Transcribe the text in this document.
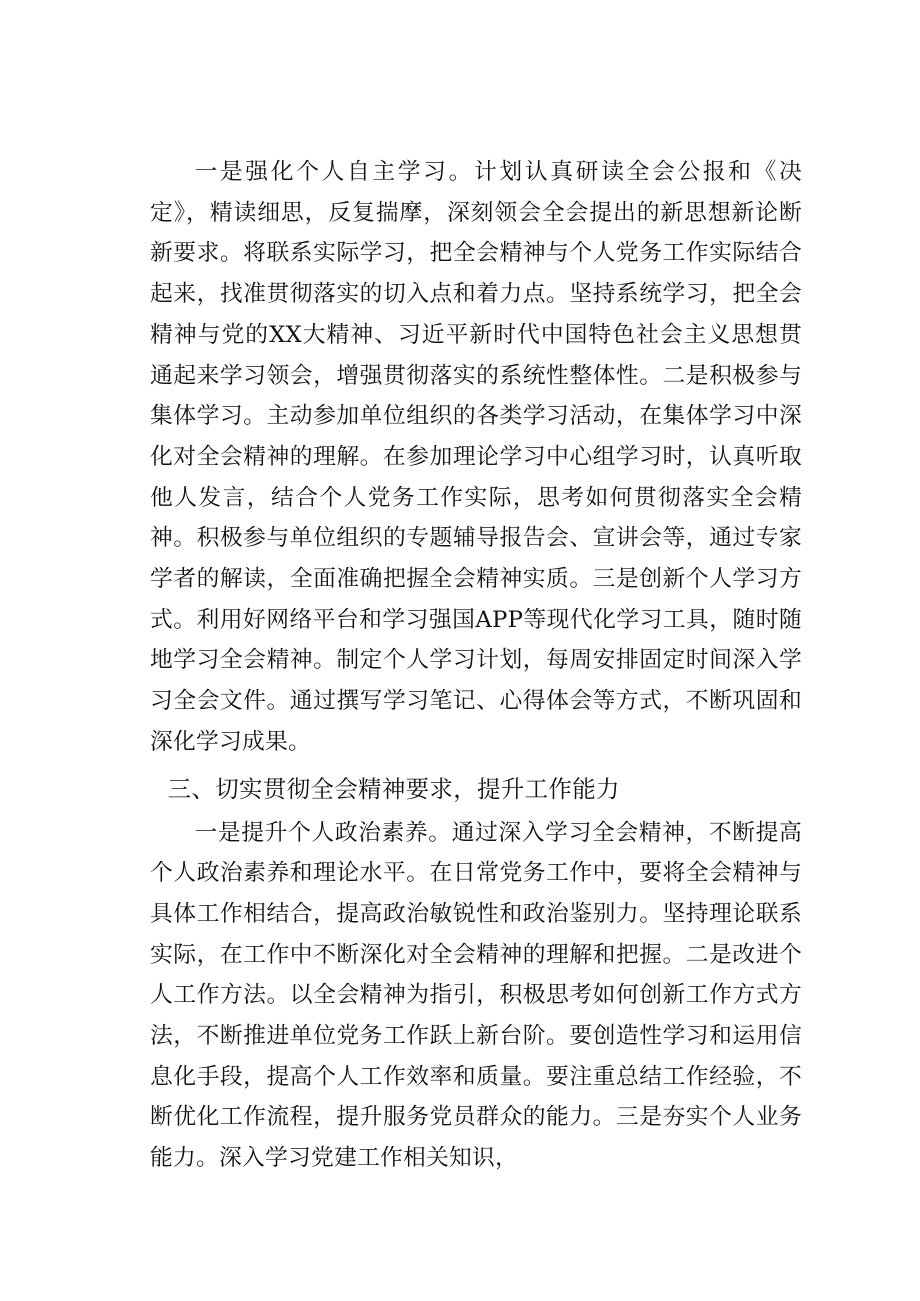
一是强化个人自主学习。计划认真研读全会公报和《决定》，精读细思，反复揣摩，深刻领会全会提出的新思想新论断新要求。将联系实际学习，把全会精神与个人党务工作实际结合起来，找准贯彻落实的切入点和着力点。坚持系统学习，把全会精神与党的XX大精神、习近平新时代中国特色社会主义思想贯通起来学习领会，增强贯彻落实的系统性整体性。二是积极参与集体学习。主动参加单位组织的各类学习活动，在集体学习中深化对全会精神的理解。在参加理论学习中心组学习时，认真听取他人发言，结合个人党务工作实际，思考如何贯彻落实全会精神。积极参与单位组织的专题辅导报告会、宣讲会等，通过专家学者的解读，全面准确把握全会精神实质。三是创新个人学习方式。利用好网络平台和学习强国APP等现代化学习工具，随时随地学习全会精神。制定个人学习计划，每周安排固定时间深入学习全会文件。通过撰写学习笔记、心得体会等方式，不断巩固和深化学习成果。

三、切实贯彻全会精神要求，提升工作能力

一是提升个人政治素养。通过深入学习全会精神，不断提高个人政治素养和理论水平。在日常党务工作中，要将全会精神与具体工作相结合，提高政治敏锐性和政治鉴别力。坚持理论联系实际，在工作中不断深化对全会精神的理解和把握。二是改进个人工作方法。以全会精神为指引，积极思考如何创新工作方式方法，不断推进单位党务工作跃上新台阶。要创造性学习和运用信息化手段，提高个人工作效率和质量。要注重总结工作经验，不断优化工作流程，提升服务党员群众的能力。三是夯实个人业务能力。深入学习党建工作相关知识，
